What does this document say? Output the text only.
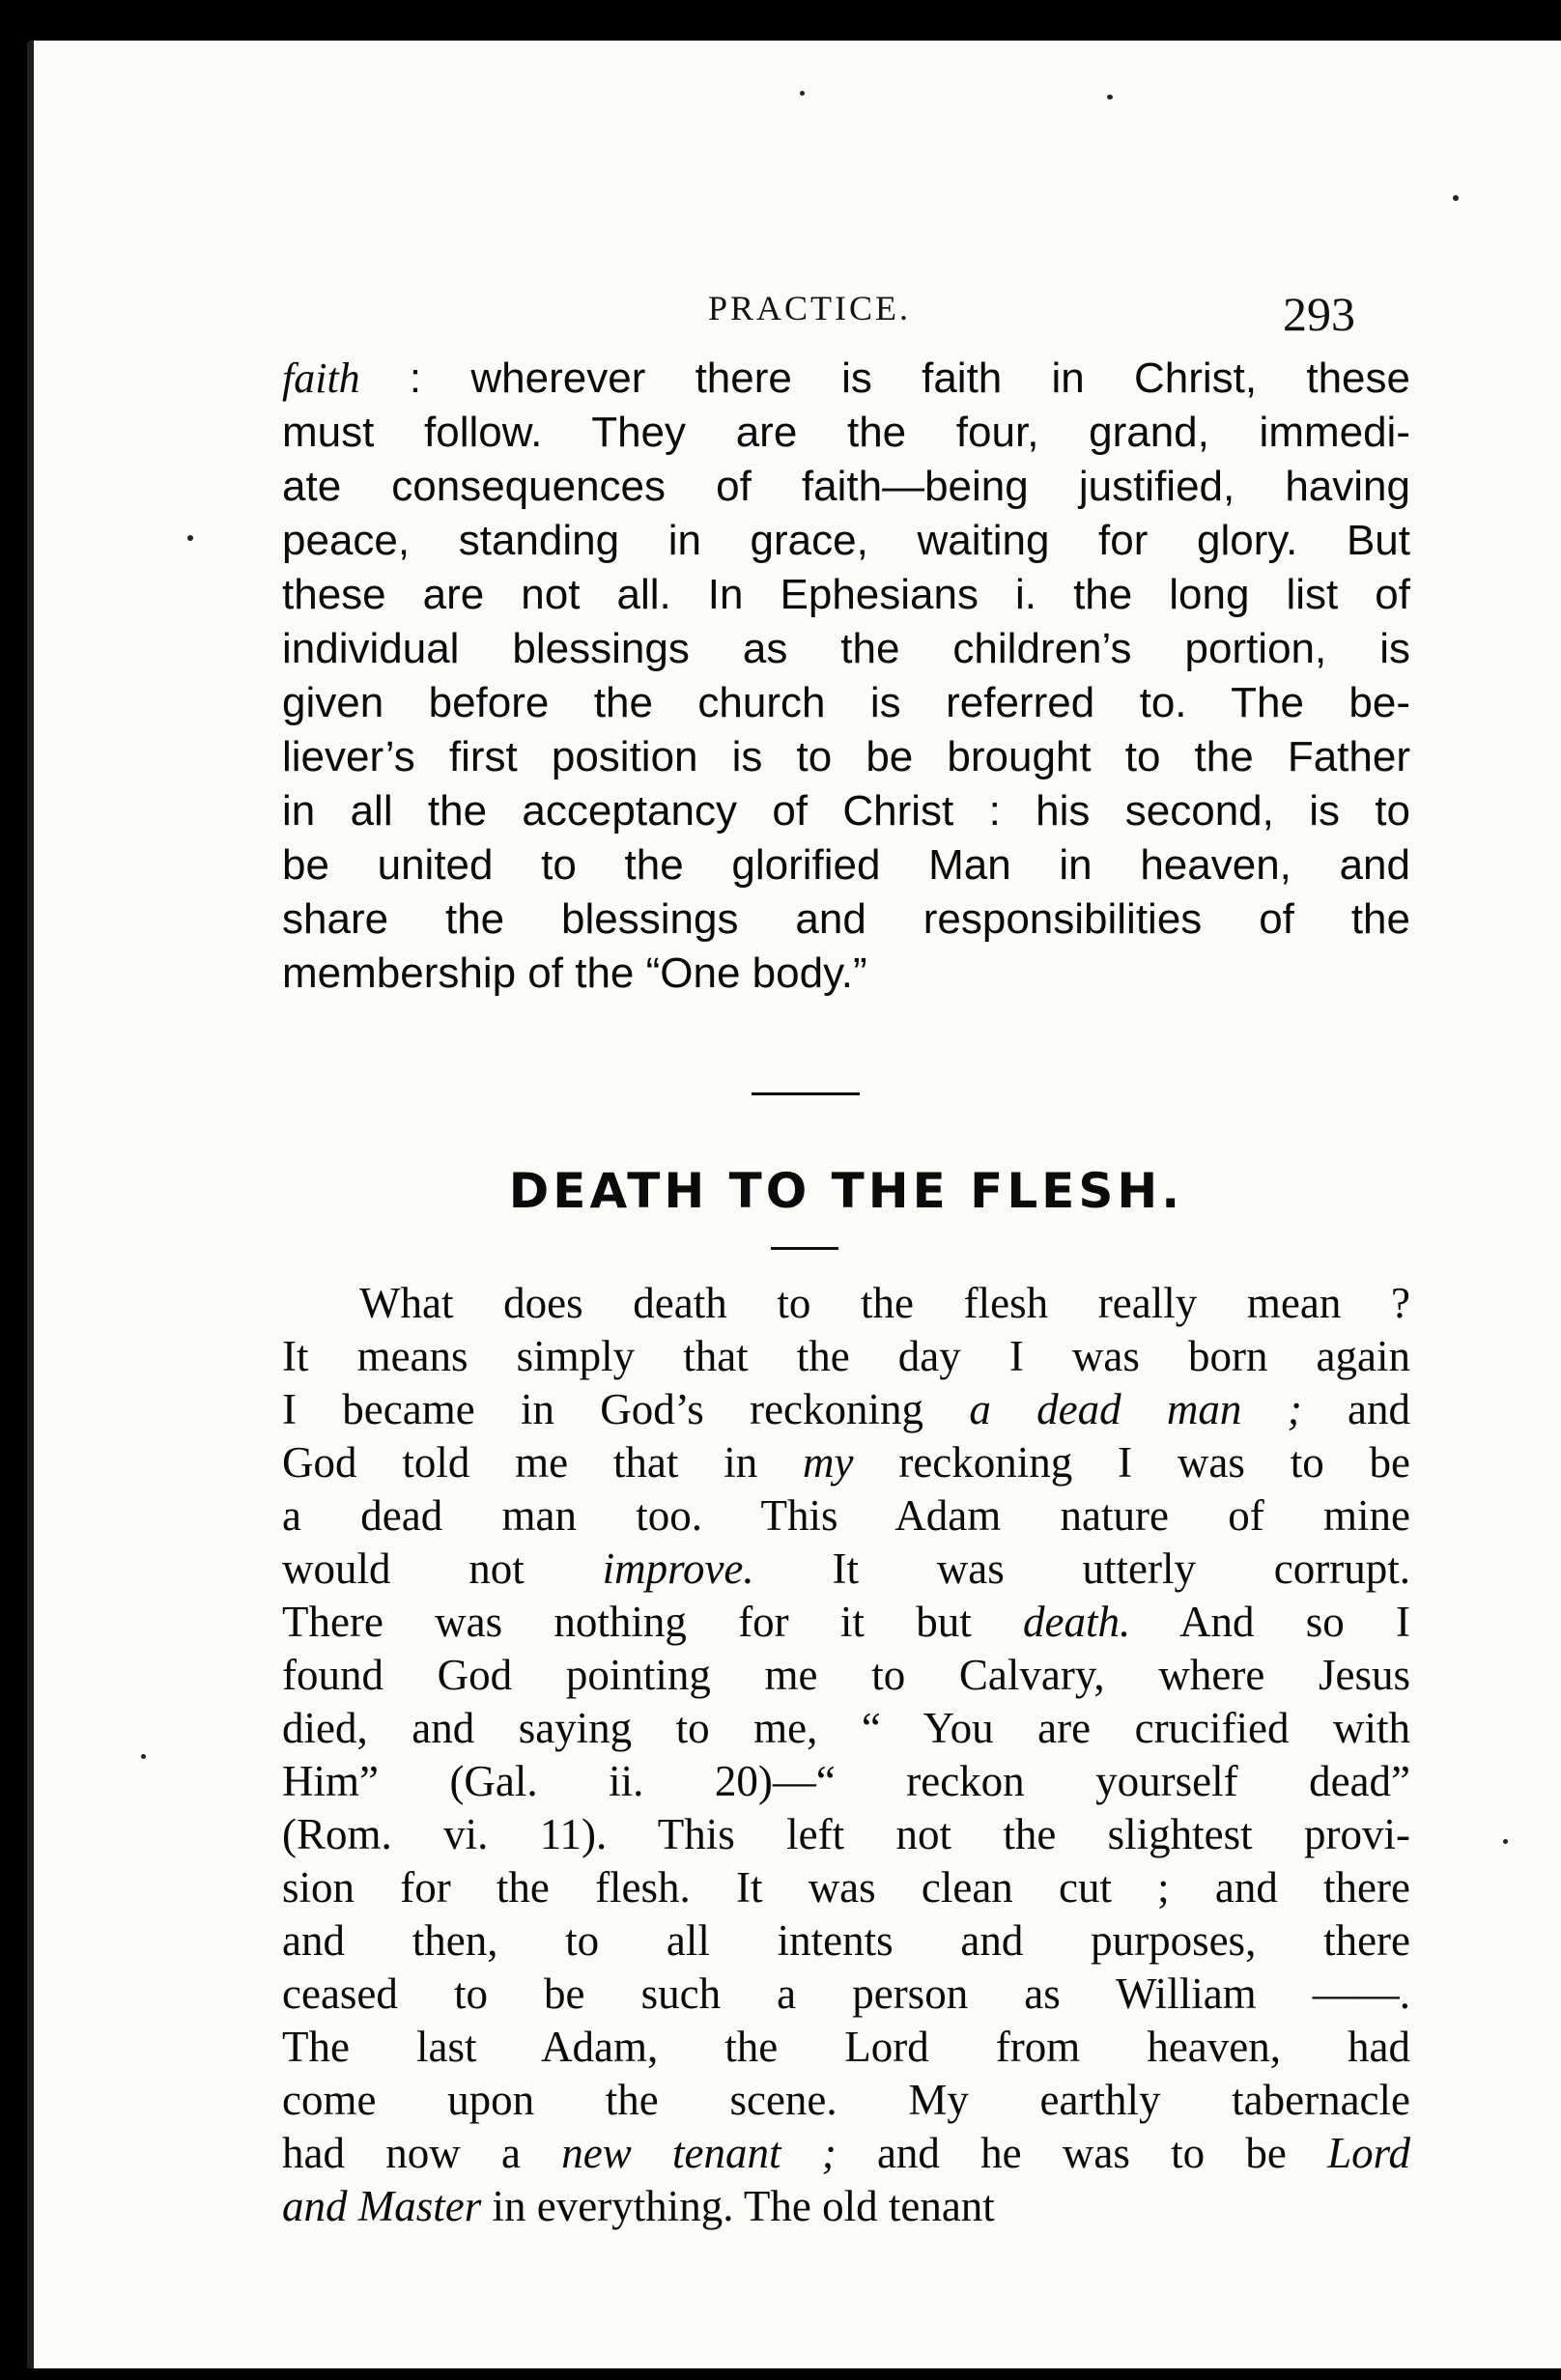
PRACTICE.	293
faith : wherever there is faith in Christ, these
must follow. They are the four, grand, immedi-
ate consequences of faith—being justified, having
peace, standing in grace, waiting for glory. But
these are not all. In Ephesians i. the long list of
individual blessings as the children’s portion, is
given before the church is referred to. The be-
liever’s first position is to be brought to the Father
in all the acceptancy of Christ : his second, is to
be united to the glorified Man in heaven, and
share the blessings and responsibilities of the
membership of the “One body.”
DEATH TO THE FLESH.
What does death to the flesh really mean ?
It means simply that the day I was born again
I became in God’s reckoning a dead man ; and
God told me that in my reckoning I was to be
a dead man too. This Adam nature of mine
would not improve. It was utterly corrupt.
There was nothing for it but death. And so I
found God pointing me to Calvary, where Jesus
died, and saying to me, “ You are crucified with
Him” (Gal. ii. 20)—“ reckon yourself dead”
(Rom. vi. 11). This left not the slightest provi-
sion for the flesh. It was clean cut ; and there
and then, to all intents and purposes, there
ceased to be such a person as William ——.
The last Adam, the Lord from heaven, had
come upon the scene. My earthly tabernacle
had now a new tenant ; and he was to be Lord
and Master in everything. The old tenant
